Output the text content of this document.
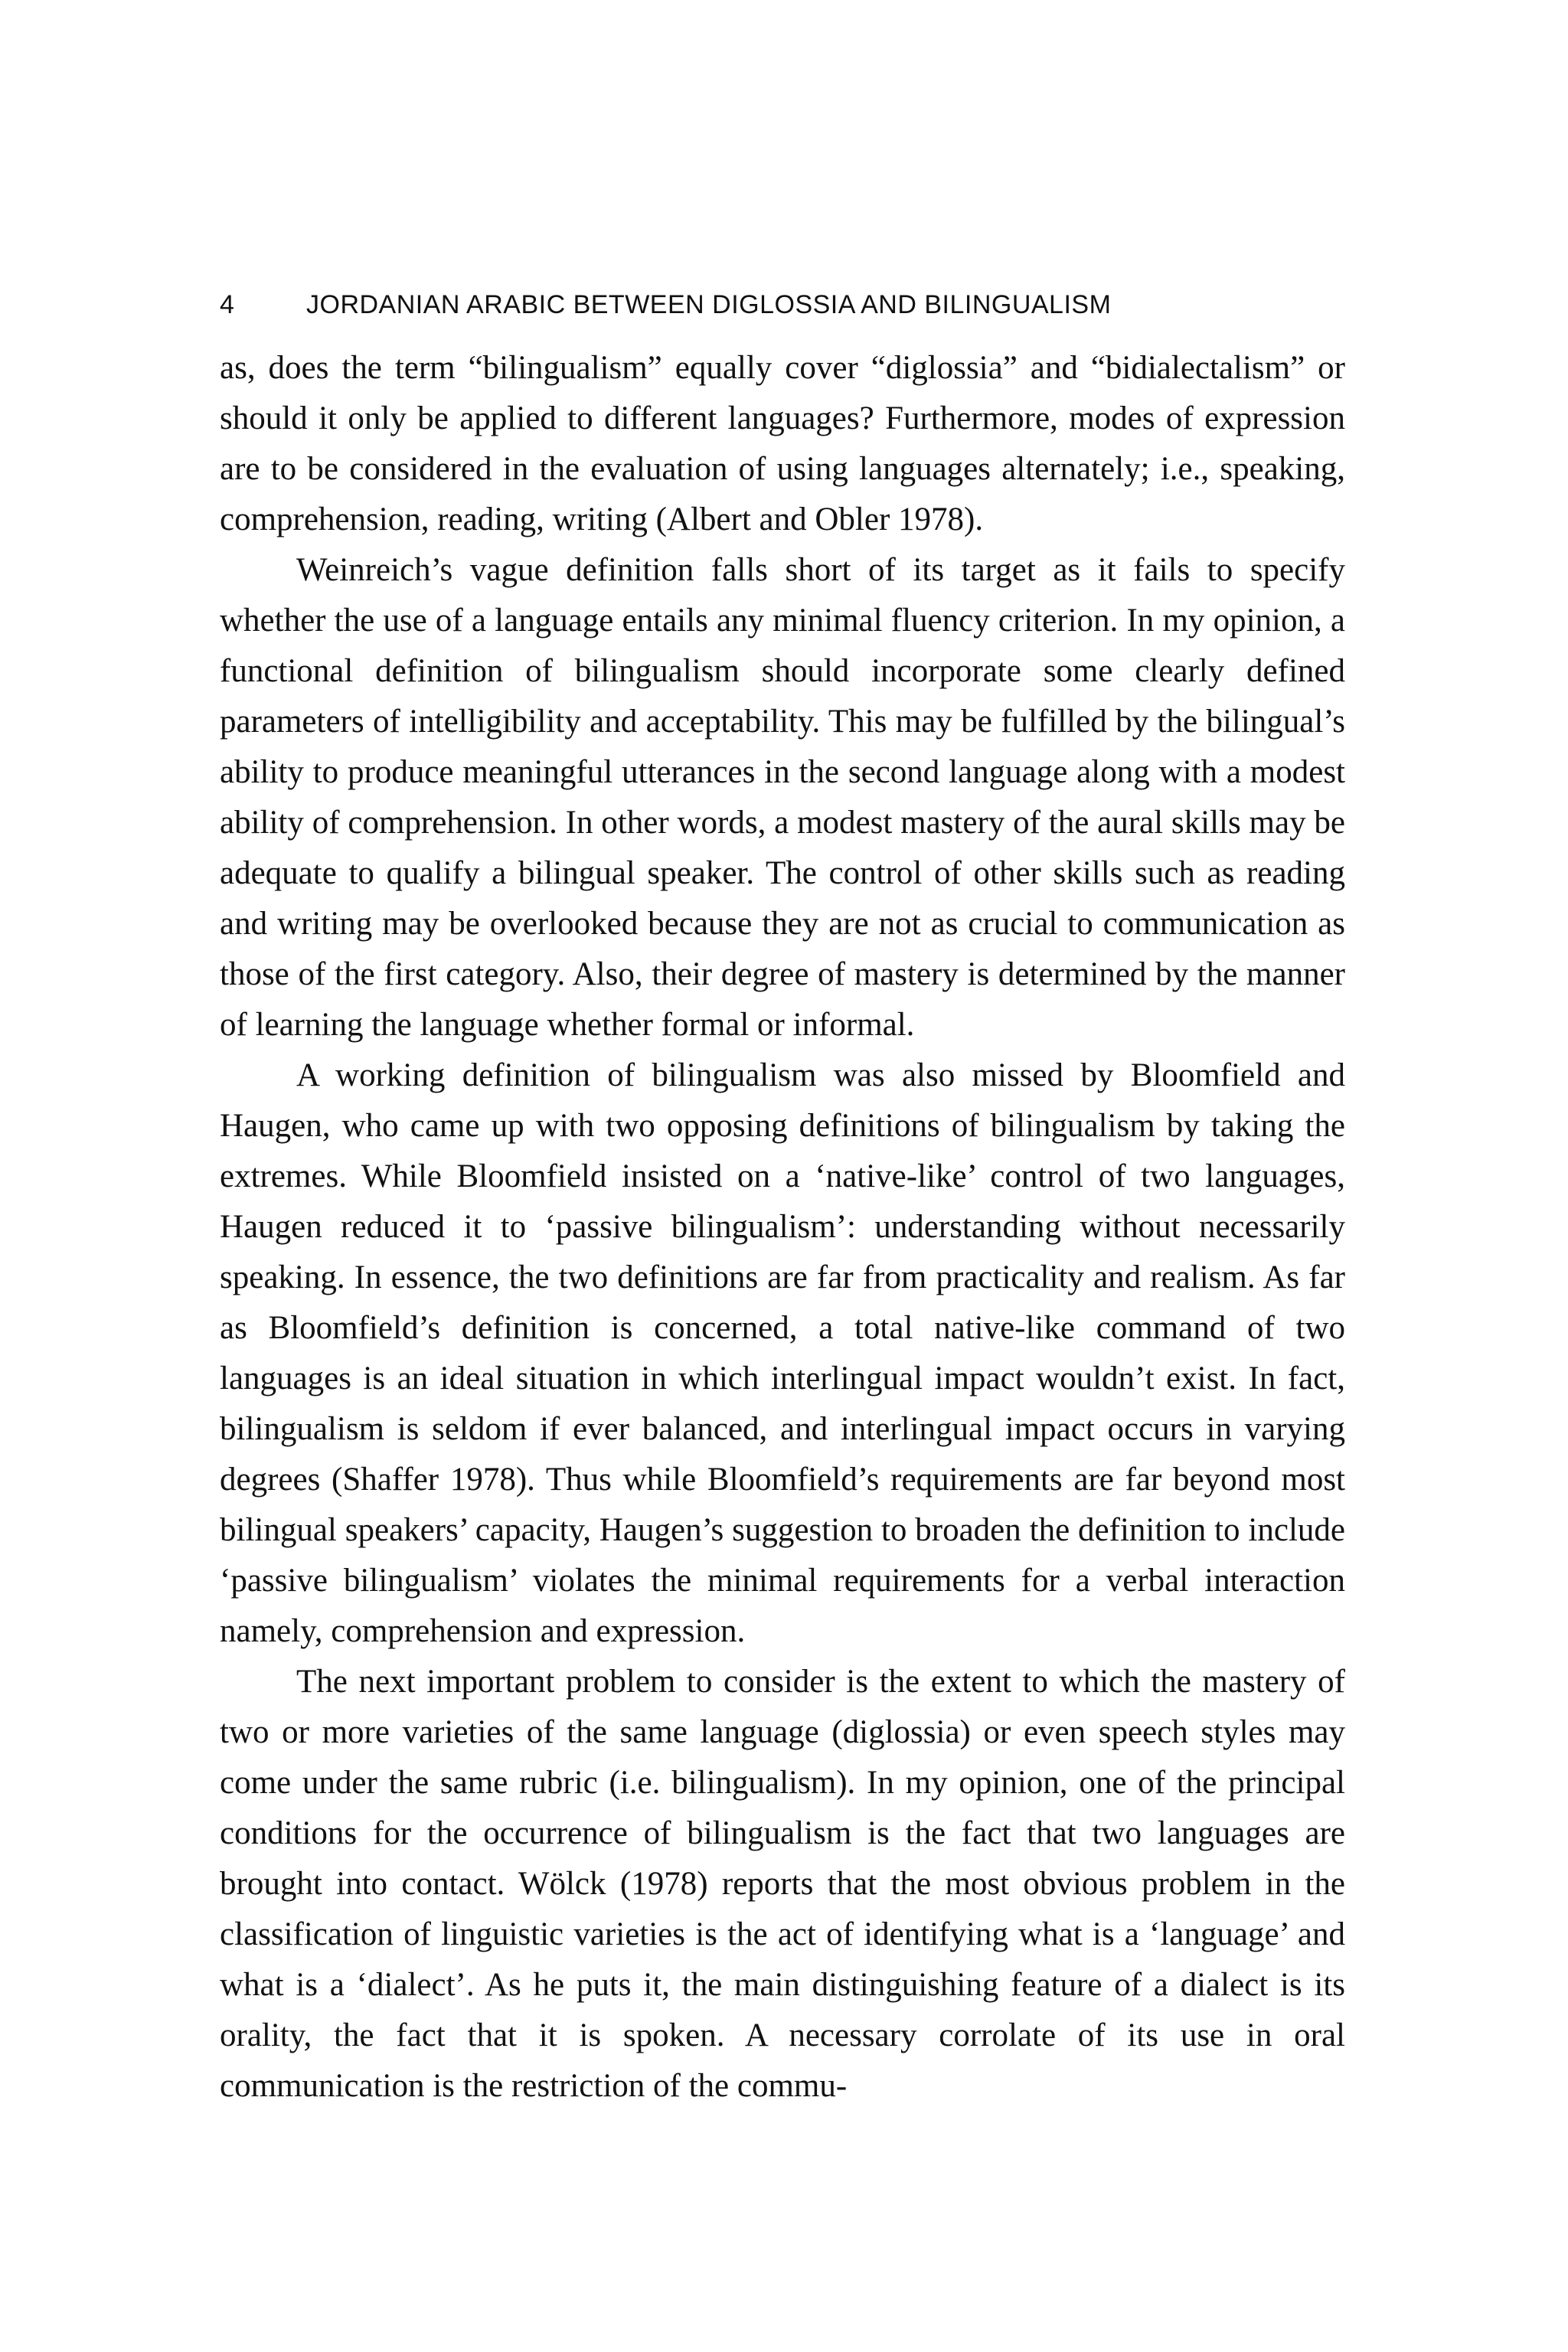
4	JORDANIAN ARABIC BETWEEN DIGLOSSIA AND BILINGUALISM

as, does the term “bilingualism” equally cover “diglossia” and “bidialectalism” or should it only be applied to different languages? Furthermore, modes of expression are to be considered in the evaluation of using languages alternately; i.e., speaking, comprehension, reading, writing (Albert and Obler 1978).

Weinreich’s vague definition falls short of its target as it fails to specify whether the use of a language entails any minimal fluency criterion. In my opinion, a functional definition of bilingualism should incorporate some clearly defined parameters of intelligibility and acceptability. This may be fulfilled by the bilingual’s ability to produce meaningful utterances in the second language along with a modest ability of comprehension. In other words, a modest mastery of the aural skills may be adequate to qualify a bilingual speaker. The control of other skills such as reading and writing may be overlooked because they are not as crucial to communication as those of the first category. Also, their degree of mastery is determined by the manner of learning the language whether formal or informal.

A working definition of bilingualism was also missed by Bloomfield and Haugen, who came up with two opposing definitions of bilingualism by taking the extremes. While Bloomfield insisted on a ‘native-like’ control of two languages, Haugen reduced it to ‘passive bilingualism’: understanding without necessarily speaking. In essence, the two definitions are far from practicality and realism. As far as Bloomfield’s definition is concerned, a total native-like command of two languages is an ideal situation in which interlingual impact wouldn’t exist. In fact, bilingualism is seldom if ever balanced, and interlingual impact occurs in varying degrees (Shaffer 1978). Thus while Bloomfield’s requirements are far beyond most bilingual speakers’ capacity, Haugen’s suggestion to broaden the definition to include ‘passive bilingualism’ violates the minimal requirements for a verbal interaction namely, comprehension and expression.

The next important problem to consider is the extent to which the mastery of two or more varieties of the same language (diglossia) or even speech styles may come under the same rubric (i.e. bilingualism). In my opinion, one of the principal conditions for the occurrence of bilingualism is the fact that two languages are brought into contact. Wölck (1978) reports that the most obvious problem in the classification of linguistic varieties is the act of identifying what is a ‘language’ and what is a ‘dialect’. As he puts it, the main distinguishing feature of a dialect is its orality, the fact that it is spoken. A necessary corrolate of its use in oral communication is the restriction of the commu-
